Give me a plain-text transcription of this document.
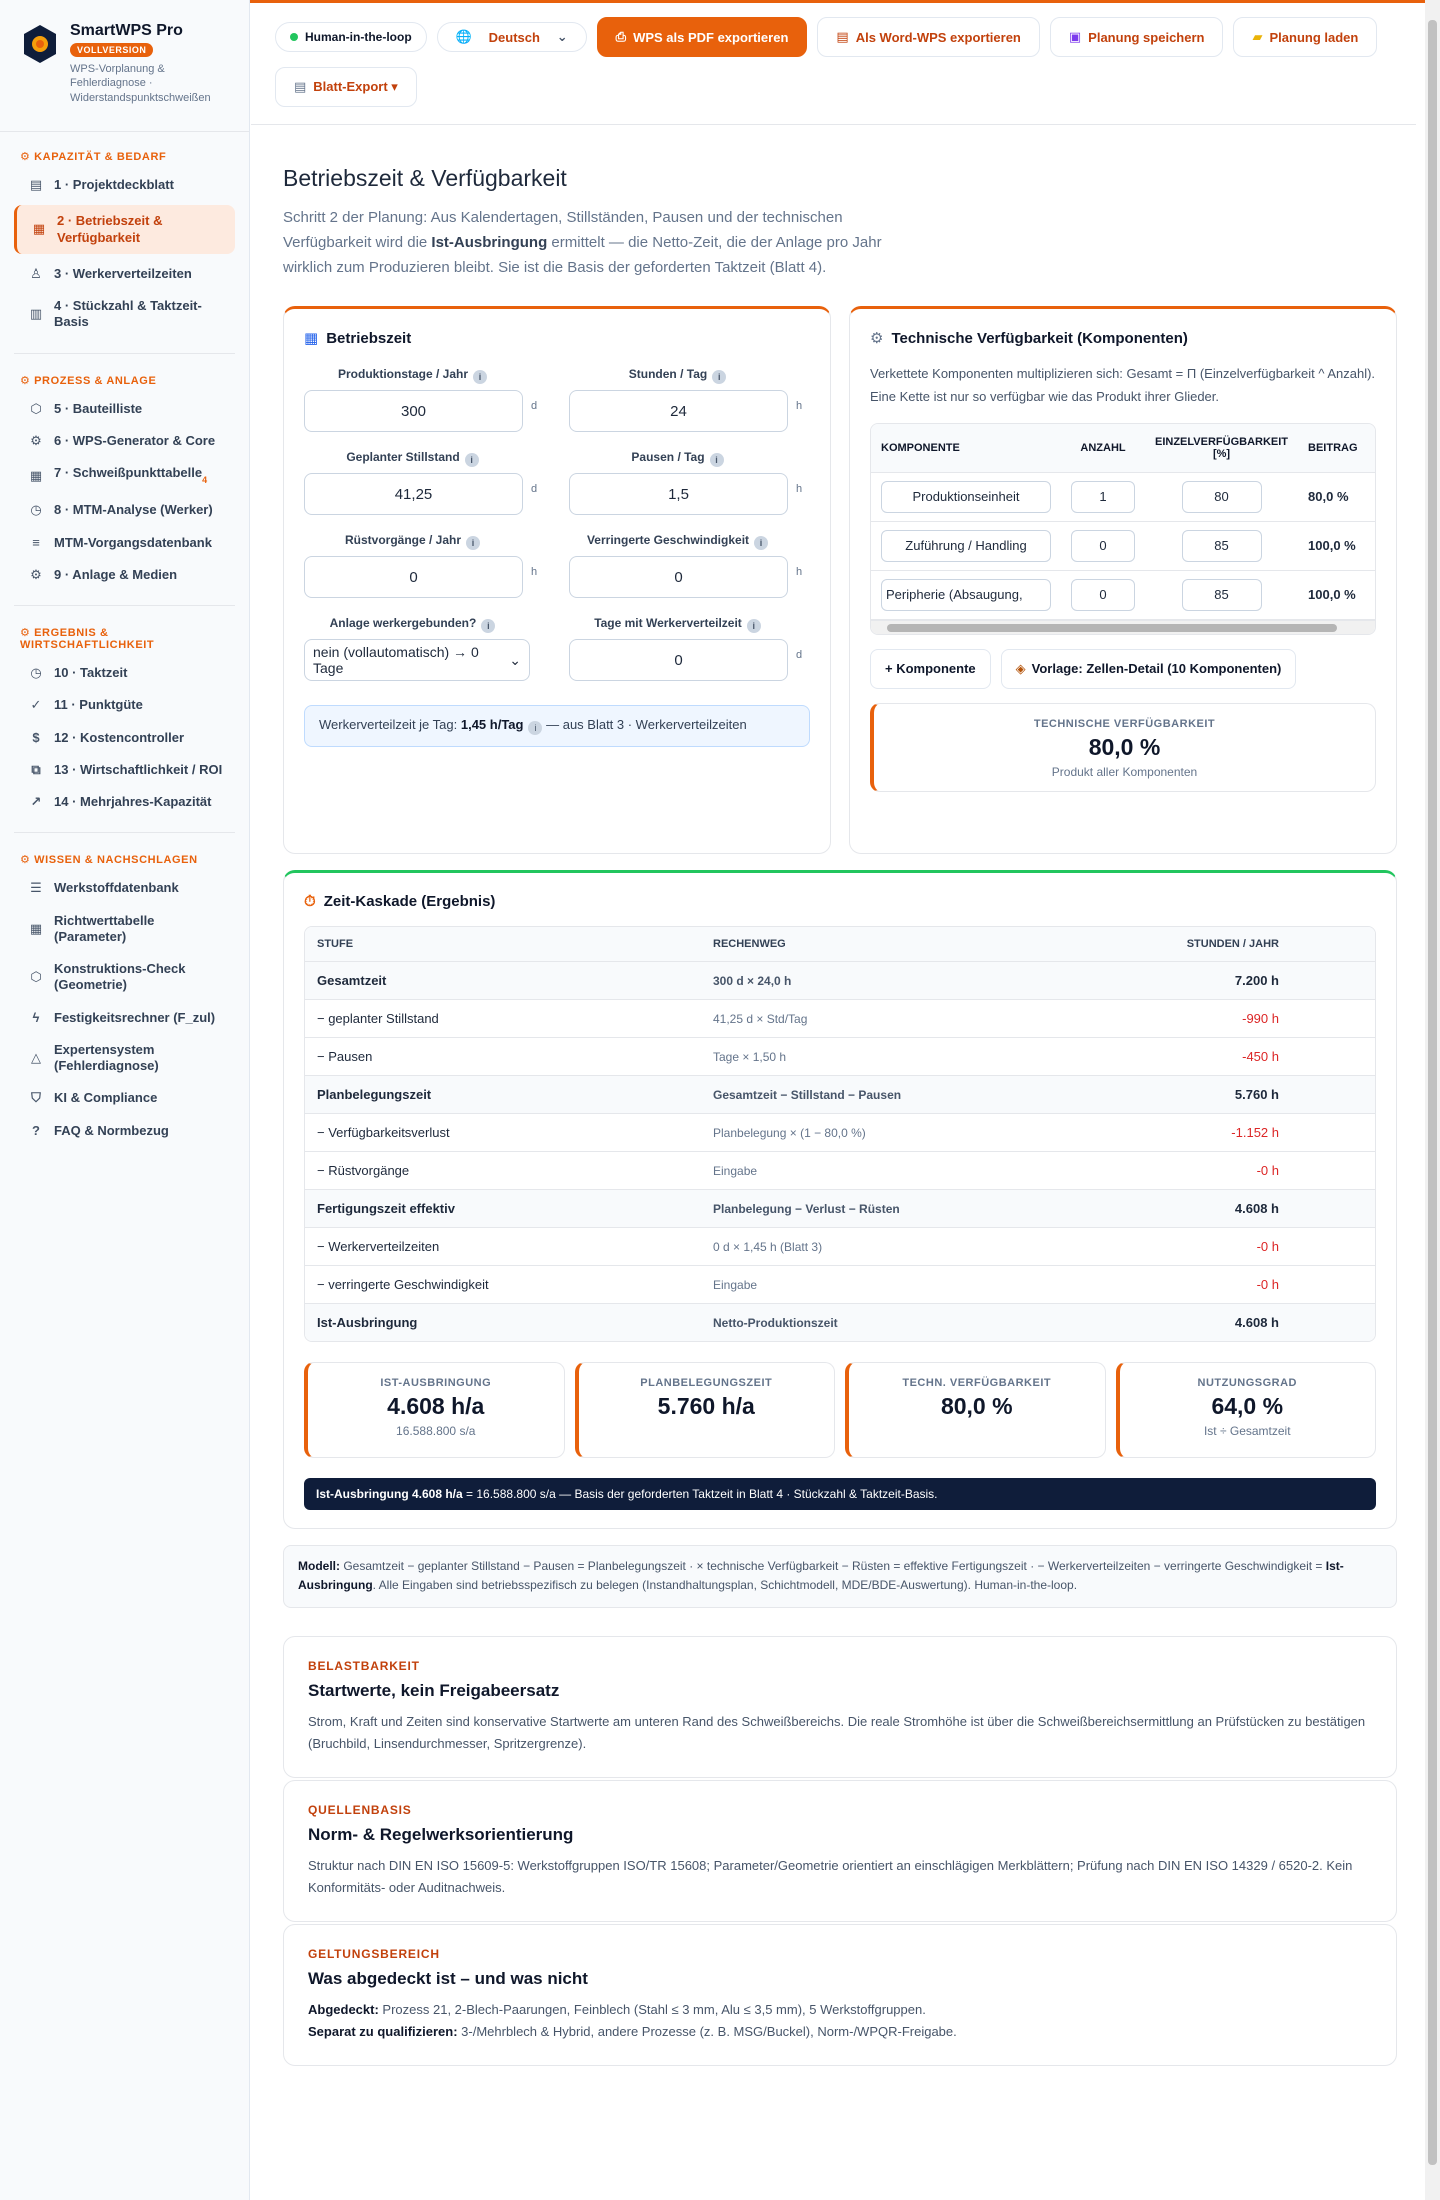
SmartWPS Pro
VOLLVERSION
WPS-Vorplanung & Fehlerdiagnose · Widerstandspunktschweißen
⚙ KAPAZITÄT & BEDARF
▤ 1 · Projektdeckblatt
▦
2 · Betriebszeit & Verfügbarkeit
♙ 3 · Werkerverteilzeiten
▥
4 · Stückzahl & Taktzeit-Basis
⚙ PROZESS & ANLAGE
⬡ 5 · Bauteilliste
⚙ 6 · WPS-Generator & Core
▦ 7 · Schweißpunkttabelle$_4$
◷ 8 · MTM-Analyse (Werker)
≡	MTM-Vorgangsdatenbank
⚙ 9 · Anlage & Medien
⚙ ERGEBNIS & WIRTSCHAFTLICHKEIT
◷ 10 · Taktzeit
✓ 11 · Punktgüte
$	12 · Kostencontroller
⧉ 13 · Wirtschaftlichkeit / ROI
↗ 14 · Mehrjahres-Kapazität
⚙ WISSEN & NACHSCHLAGEN
☰ Werkstoffdatenbank
▦
Richtwerttabelle (Parameter)
⬡
Konstruktions-Check (Geometrie)
ϟ	Festigkeitsrechner (F_zul)
△
Expertensystem (Fehlerdiagnose)
⛉ KI & Compliance
?	FAQ & Normbezug
Human-in-the-loop	🌐 Deutsch ⌄	⎙ WPS als PDF exportieren	▤ Als Word-WPS exportieren	▣ Planung speichern	▰ Planung laden
▤ Blatt-Export ▾
Betriebszeit & Verfügbarkeit

Schritt 2 der Planung: Aus Kalendertagen, Stillständen, Pausen und der technischen Verfügbarkeit wird die Ist-Ausbringung ermittelt — die Netto-Zeit, die der Anlage pro Jahr wirklich zum Produzieren bleibt. Sie ist die Basis der geforderten Taktzeit (Blatt 4).

▦ Betriebszeit
Produktionstage / Jahr i
300	d
Stunden / Tag i
24	h
Geplanter Stillstand i
41,25	d
Pausen / Tag i
1,5	h
Rüstvorgänge / Jahr i
0	h
Verringerte Geschwindigkeit i
0	h
Anlage werkergebunden? i
nein (vollautomatisch) → 0 Tage
⌄
Tage mit Werkerverteilzeit i
0	d
Werkerverteilzeit je Tag: 1,45 h/Tag i — aus Blatt 3 · Werkerverteilzeiten
⚙ Technische Verfügbarkeit (Komponenten)

Verkettete Komponenten multiplizieren sich: Gesamt = Π (Einzelverfügbarkeit ^ Anzahl). Eine Kette ist nur so verfügbar wie das Produkt ihrer Glieder.

KOMPONENTE	ANZAHL	EINZELVERFÜGBARKEIT [%]	BEITRAG

Produktionseinheit	1	80	80,0 %

Zuführung / Handling	0	85	100,0 %

Peripherie (Absaugung,	0	85	100,0 %
+ Komponente	◈ Vorlage: Zellen-Detail (10 Komponenten)
TECHNISCHE VERFÜGBARKEIT
80,0 %
Produkt aller Komponenten
⏱ Zeit-Kaskade (Ergebnis)
STUFE	RECHENWEG	STUNDEN / JAHR
Gesamtzeit	300 d × 24,0 h	7.200 h
− geplanter Stillstand	41,25 d × Std/Tag	-990 h
− Pausen	Tage × 1,50 h	-450 h
Planbelegungszeit	Gesamtzeit − Stillstand − Pausen	5.760 h
− Verfügbarkeitsverlust	Planbelegung × (1 − 80,0 %)	-1.152 h
− Rüstvorgänge	Eingabe	-0 h
Fertigungszeit effektiv	Planbelegung − Verlust − Rüsten	4.608 h
− Werkerverteilzeiten	0 d × 1,45 h (Blatt 3)	-0 h
− verringerte Geschwindigkeit	Eingabe	-0 h
Ist-Ausbringung	Netto-Produktionszeit	4.608 h
IST-AUSBRINGUNG
4.608 h/a
16.588.800 s/a
PLANBELEGUNGSZEIT
5.760 h/a
TECHN. VERFÜGBARKEIT
80,0 %
NUTZUNGSGRAD
64,0 %
Ist ÷ Gesamtzeit
Ist-Ausbringung 4.608 h/a = 16.588.800 s/a — Basis der geforderten Taktzeit in Blatt 4 · Stückzahl & Taktzeit-Basis.
Modell: Gesamtzeit − geplanter Stillstand − Pausen = Planbelegungszeit · × technische Verfügbarkeit − Rüsten = effektive Fertigungszeit · − Werkerverteilzeiten − verringerte Geschwindigkeit = Ist-Ausbringung. Alle Eingaben sind betriebsspezifisch zu belegen (Instandhaltungsplan, Schichtmodell, MDE/BDE-Auswertung). Human-in-the-loop.
BELASTBARKEIT
Startwerte, kein Freigabeersatz

Strom, Kraft und Zeiten sind konservative Startwerte am unteren Rand des Schweißbereichs. Die reale Stromhöhe ist über die Schweißbereichsermittlung an Prüfstücken zu bestätigen (Bruchbild, Linsendurchmesser, Spritzergrenze).

QUELLENBASIS
Norm- & Regelwerksorientierung

Struktur nach DIN EN ISO 15609-5: Werkstoffgruppen ISO/TR 15608; Parameter/Geometrie orientiert an einschlägigen Merkblättern; Prüfung nach DIN EN ISO 14329 / 6520-2. Kein Konformitäts- oder Auditnachweis.

GELTUNGSBEREICH
Was abgedeckt ist – und was nicht

Abgedeckt: Prozess 21, 2-Blech-Paarungen, Feinblech (Stahl ≤ 3 mm, Alu ≤ 3,5 mm), 5 Werkstoffgruppen.
Separat zu qualifizieren: 3-/Mehrblech & Hybrid, andere Prozesse (z. B. MSG/Buckel), Norm-/WPQR-Freigabe.
